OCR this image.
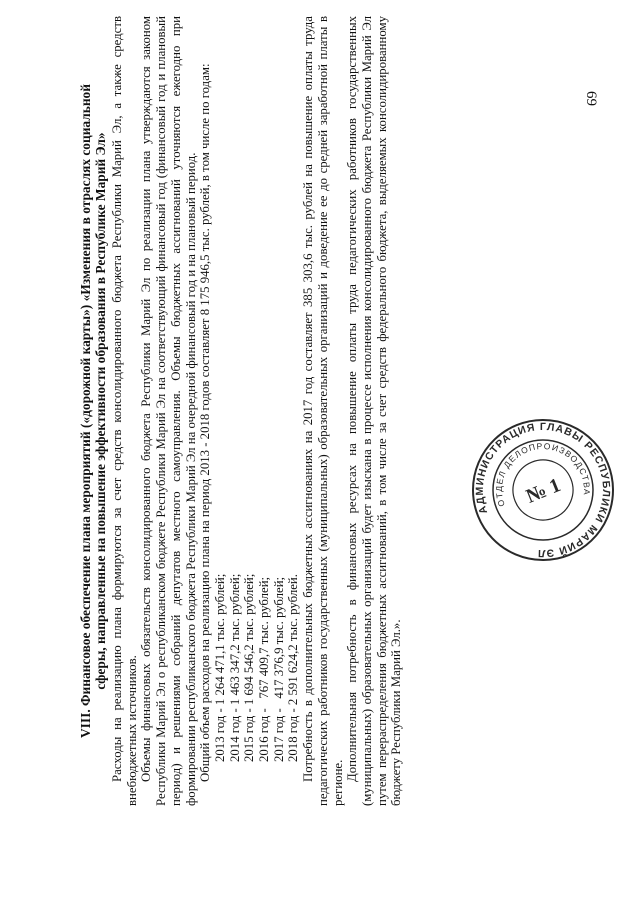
69
VIII. Финансовое обеспечение плана мероприятий («дорожной карты») «Изменения в отраслях социальной сферы, направленные на повышение эффективности образования в Республике Марий Эл» Расходы на реализацию плана формируются за счет средств консолидированного бюджета Республики Марий Эл, а также средств внебюджетных источников. Объемы финансовых обязательств консолидированного бюджета Республики Марий Эл по реализации плана утверждаются законом Республики Марий Эл о республиканском бюджете Республики Марий Эл на соответствующий финансовый год (финансовый год и плановый период) и решениями собраний депутатов местного самоуправления. Объемы бюджетных ассигнований уточняются ежегодно при формировании республиканского бюджета Республики Марий Эл на очередной финансовый год и на плановый период. Общий объем расходов на реализацию плана на период 2013 - 2018 годов составляет 8 175 946,5 тыс. рублей, в том числе по годам: 2013 год - 1 264 471,1 тыс. рублей; 2014 год - 1 463 347,2 тыс. рублей; 2015 год - 1 694 546,2 тыс. рублей; 2016 год -   767 409,7 тыс. рублей; 2017 год -   417 376,9 тыс. рублей; 2018 год - 2 591 624,2 тыс. рублей. Потребность в дополнительных бюджетных ассигнованиях на 2017 год составляет 385 303,6 тыс. рублей на повышение оплаты труда педагогических работников государственных (муниципальных) образовательных организаций и доведение ее до средней заработной платы в регионе.

Дополнительная потребность в финансовых ресурсах на повышение оплаты труда педагогических работников государственных (муниципальных) образовательных организаций будет изыскана в процессе исполнения консолидированного бюджета Республики Марий Эл путем перераспределения бюджетных ассигнований, в том числе за счет средств федерального бюджета, выделяемых консолидированному бюджету Республики Марий Эл.».

АДМИНИСТРАЦИЯ ГЛАВЫ РЕСПУБЛИКИ МАРИЙ ЭЛ
ОТДЕЛ ДЕЛОПРОИЗВОДСТВА
№ 1
